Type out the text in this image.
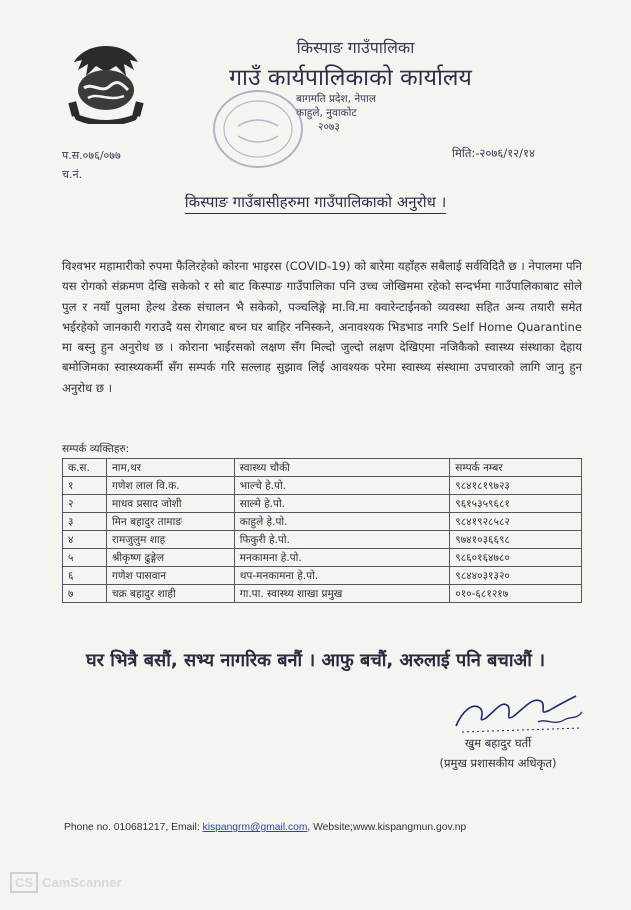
किस्पाङ गाउँपालिका
गाउँ कार्यपालिकाको कार्यालय
बागमति प्रदेश, नेपाल
काहुले, नुवाकोट
२०७३
प.स.०७६/०७७
च.नं.
मिति:-२०७६/१२/१४
किस्पाङ गाउँबासीहरुमा गाउँपालिकाको अनुरोध ।
विश्वभर महामारीको रुपमा फैलिरहेको कोरना भाइरस (COVID-19) को बारेमा यहाँहरु सबैलाई सर्वविदितै छ । नेपालमा पनि यस रोगको संक्रमण देखि सकेको र सो बाट किस्पाङ गाउँपालिका पनि उच्च जोखिममा रहेको सन्दर्भमा गाउँपालिकाबाट सोले पुल र नयाँ पुलमा हेल्थ डेस्क संचालन भै सकेको, पञ्चलिङ्गे मा.वि.मा क्वारेन्टाईनको व्यवस्था सहित अन्य तयारी समेत भईरहेको जानकारी गराउदै यस रोगबाट बच्न घर बाहिर ननिस्कने, अनावश्यक भिडभाड नगरि Self Home Quarantine मा बस्नु हुन अनुरोध छ । कोराना भाईरसको लक्षण सँग मिल्दो जुल्दो लक्षण देखिएमा नजिकैको स्वास्थ्य संस्थाका देहाय बमोजिमका स्वास्थ्यकर्मी सँग सम्पर्क गरि सल्लाह सुझाव लिई आवश्यक परेमा स्वास्थ्य संस्थामा उपचारको लागि जानु हुन अनुरोध छ ।
सम्पर्क व्यक्तिहरु:
क.स.	नाम,थर	स्वास्थ्य चौकी	सम्पर्क नम्बर
१	गणेश लाल वि.क.	भाल्चे हे.पो.	९८४१८१९७२३
२	माधव प्रसाद जोशी	साल्मे हे.पो.	९६१५३५९६८१
३	मिन बहादुर तामाङ	काहुले हे.पो.	९८४१९२८५८२
४	रामजुलुम शाह	फिकुरी हे.पो.	९७४१०३६६९८
५	श्रीकृष्ण ढुङ्गेल	मनकामना हे.पो.	९८६०१६४७८०
६	गणेश पासवान	थप-मनकामना हे.पो.	९८४४०३१३२०
७	चक्र बहादुर शाही	गा.पा. स्वास्थ्य शाखा प्रमुख	०१०-६८१२१७
घर भित्रै बसौं, सभ्य नागरिक बनौं । आफु बचौं, अरुलाई पनि बचाऔं ।
खुम बहादुर घर्ती
(प्रमुख प्रशासकीय अधिकृत)
Phone no. 010681217, Email: kispangrm@gmail.com, Website;www.kispangmun.gov.np
CS CamScanner
